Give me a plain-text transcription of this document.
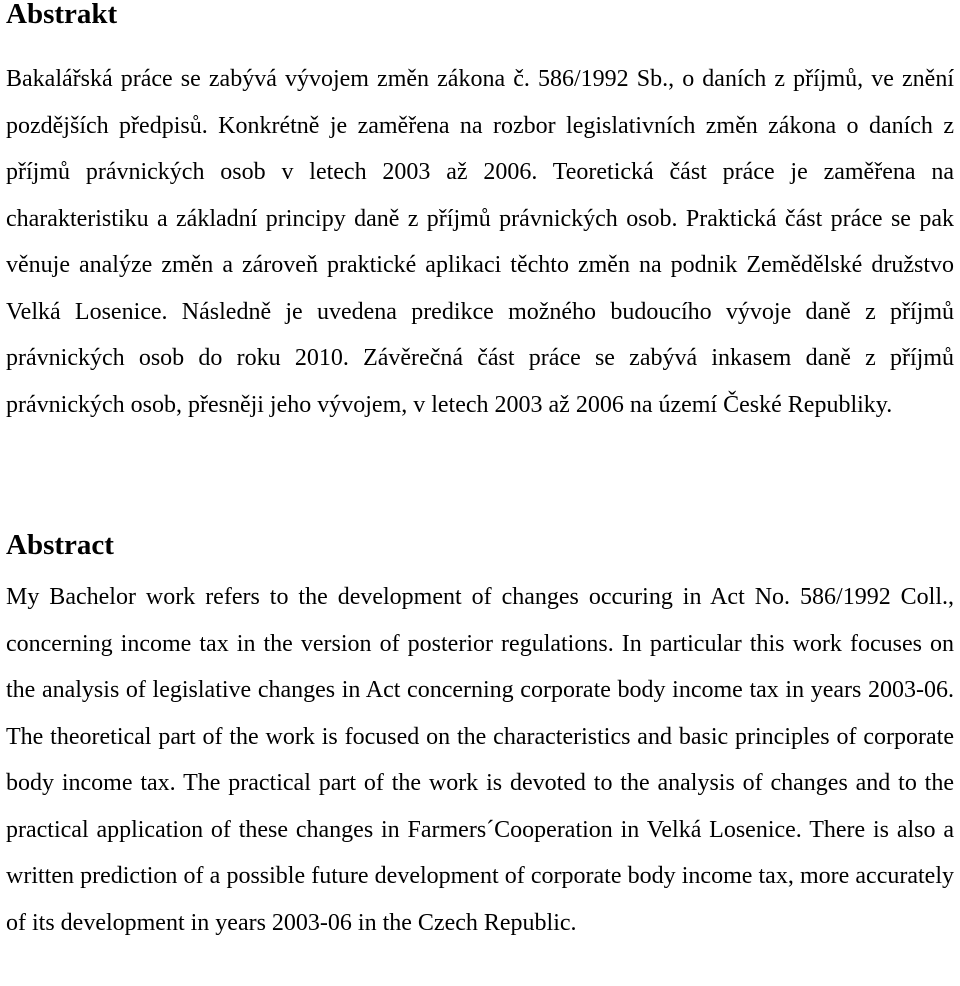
Abstrakt

Bakalářská práce se zabývá vývojem změn zákona č. 586/1992 Sb., o daních z příjmů, ve znění pozdějších předpisů. Konkrétně je zaměřena na rozbor legislativních změn zákona o daních z příjmů právnických osob v letech 2003 až 2006. Teoretická část práce je zaměřena na charakteristiku a základní principy daně z příjmů právnických osob. Praktická část práce se pak věnuje analýze změn a zároveň praktické aplikaci těchto změn na podnik Zemědělské družstvo Velká Losenice. Následně je uvedena predikce možného budoucího vývoje daně z příjmů právnických osob do roku 2010. Závěrečná část práce se zabývá inkasem daně z příjmů právnických osob, přesněji jeho vývojem, v letech 2003 až 2006 na území České Republiky.

Abstract

My Bachelor work refers to the development of changes occuring in Act No. 586/1992 Coll., concerning income tax in the version of posterior regulations. In particular this work focuses on the analysis of legislative changes in Act concerning corporate body income tax in years 2003-06. The theoretical part of the work is focused on the characteristics and basic principles of corporate body income tax. The practical part of the work is devoted to the analysis of changes and to the practical application of these changes in Farmers´Cooperation in Velká Losenice. There is also a written prediction of a possible future development of corporate body income tax, more accurately of its development in years 2003-06 in the Czech Republic.
